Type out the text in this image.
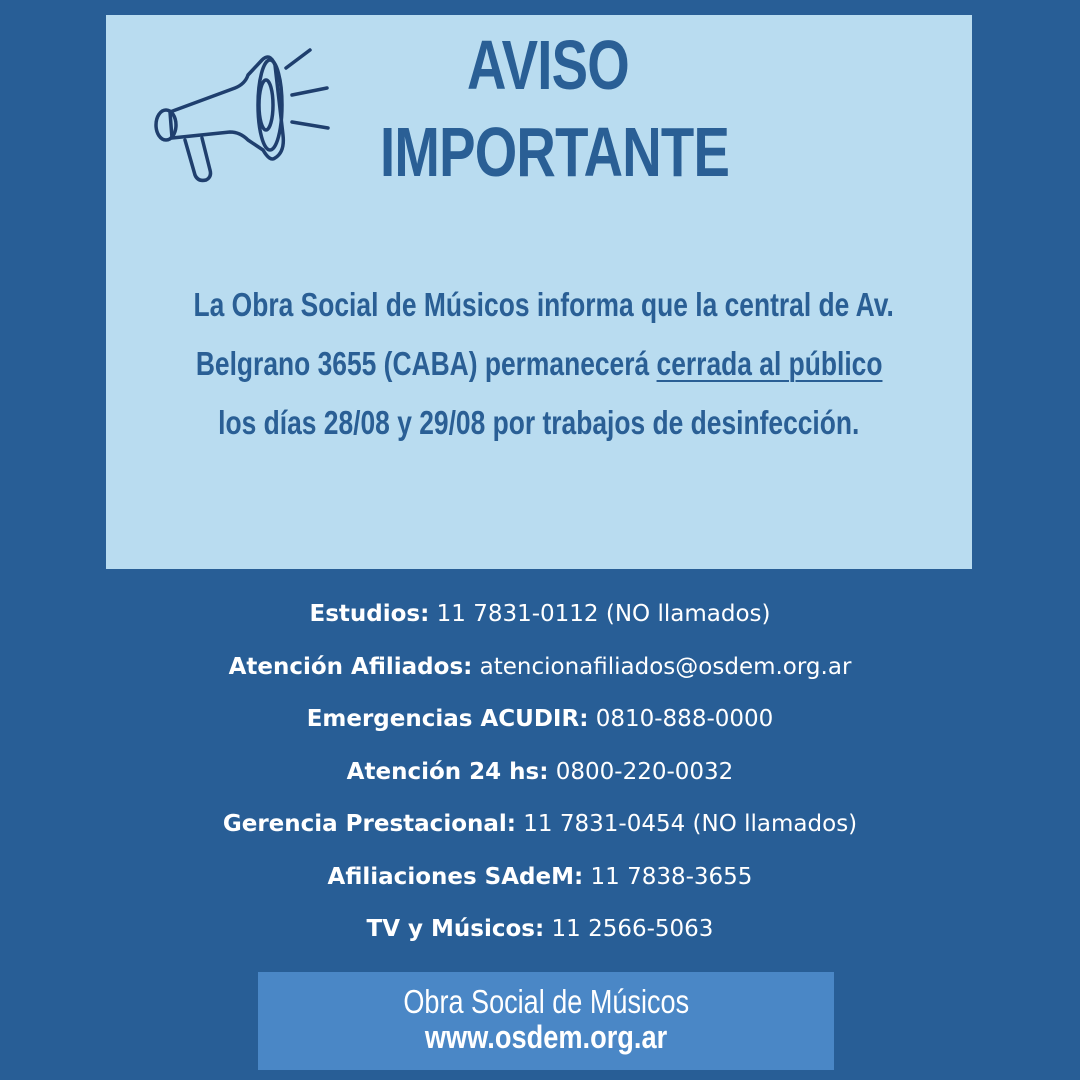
AVISO
IMPORTANTE
La Obra Social de Músicos informa que la central de Av.
Belgrano 3655 (CABA) permanecerá cerrada al público
los días 28/08 y 29/08 por trabajos de desinfección.
Estudios: 11 7831-0112 (NO llamados)
Atención Afiliados: atencionafiliados@osdem.org.ar
Emergencias ACUDIR: 0810-888-0000
Atención 24 hs: 0800-220-0032
Gerencia Prestacional: 11 7831-0454 (NO llamados)
Afiliaciones SAdeM: 11 7838-3655
TV y Músicos: 11 2566-5063
Obra Social de Músicos
www.osdem.org.ar
